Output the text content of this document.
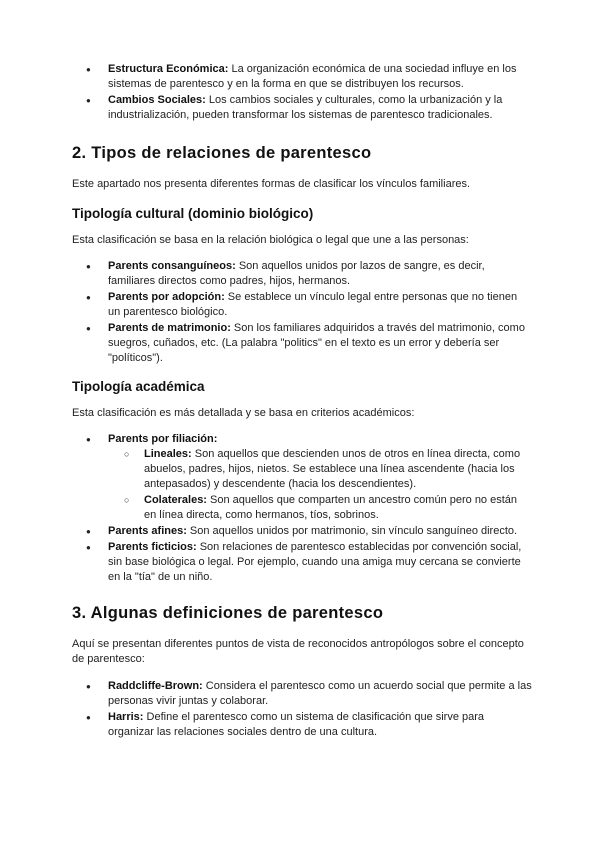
● Estructura Económica: La organización económica de una sociedad influye en los sistemas de parentesco y en la forma en que se distribuyen los recursos.
● Cambios Sociales: Los cambios sociales y culturales, como la urbanización y la industrialización, pueden transformar los sistemas de parentesco tradicionales.
2. Tipos de relaciones de parentesco

Este apartado nos presenta diferentes formas de clasificar los vínculos familiares.

Tipología cultural (dominio biológico)

Esta clasificación se basa en la relación biológica o legal que une a las personas:

● Parents consanguíneos: Son aquellos unidos por lazos de sangre, es decir, familiares directos como padres, hijos, hermanos.
● Parents por adopción: Se establece un vínculo legal entre personas que no tienen un parentesco biológico.
● Parents de matrimonio: Son los familiares adquiridos a través del matrimonio, como suegros, cuñados, etc. (La palabra "politics" en el texto es un error y debería ser "políticos").
Tipología académica

Esta clasificación es más detallada y se basa en criterios académicos:

● Parents por filiación:
○ Lineales: Son aquellos que descienden unos de otros en línea directa, como abuelos, padres, hijos, nietos. Se establece una línea ascendente (hacia los antepasados) y descendente (hacia los descendientes).
○ Colaterales: Son aquellos que comparten un ancestro común pero no están en línea directa, como hermanos, tíos, sobrinos.
● Parents afines: Son aquellos unidos por matrimonio, sin vínculo sanguíneo directo.
● Parents ficticios: Son relaciones de parentesco establecidas por convención social, sin base biológica o legal. Por ejemplo, cuando una amiga muy cercana se convierte en la "tía" de un niño.
3. Algunas definiciones de parentesco

Aquí se presentan diferentes puntos de vista de reconocidos antropólogos sobre el concepto de parentesco:

● Raddcliffe-Brown: Considera el parentesco como un acuerdo social que permite a las personas vivir juntas y colaborar.
● Harris: Define el parentesco como un sistema de clasificación que sirve para organizar las relaciones sociales dentro de una cultura.
